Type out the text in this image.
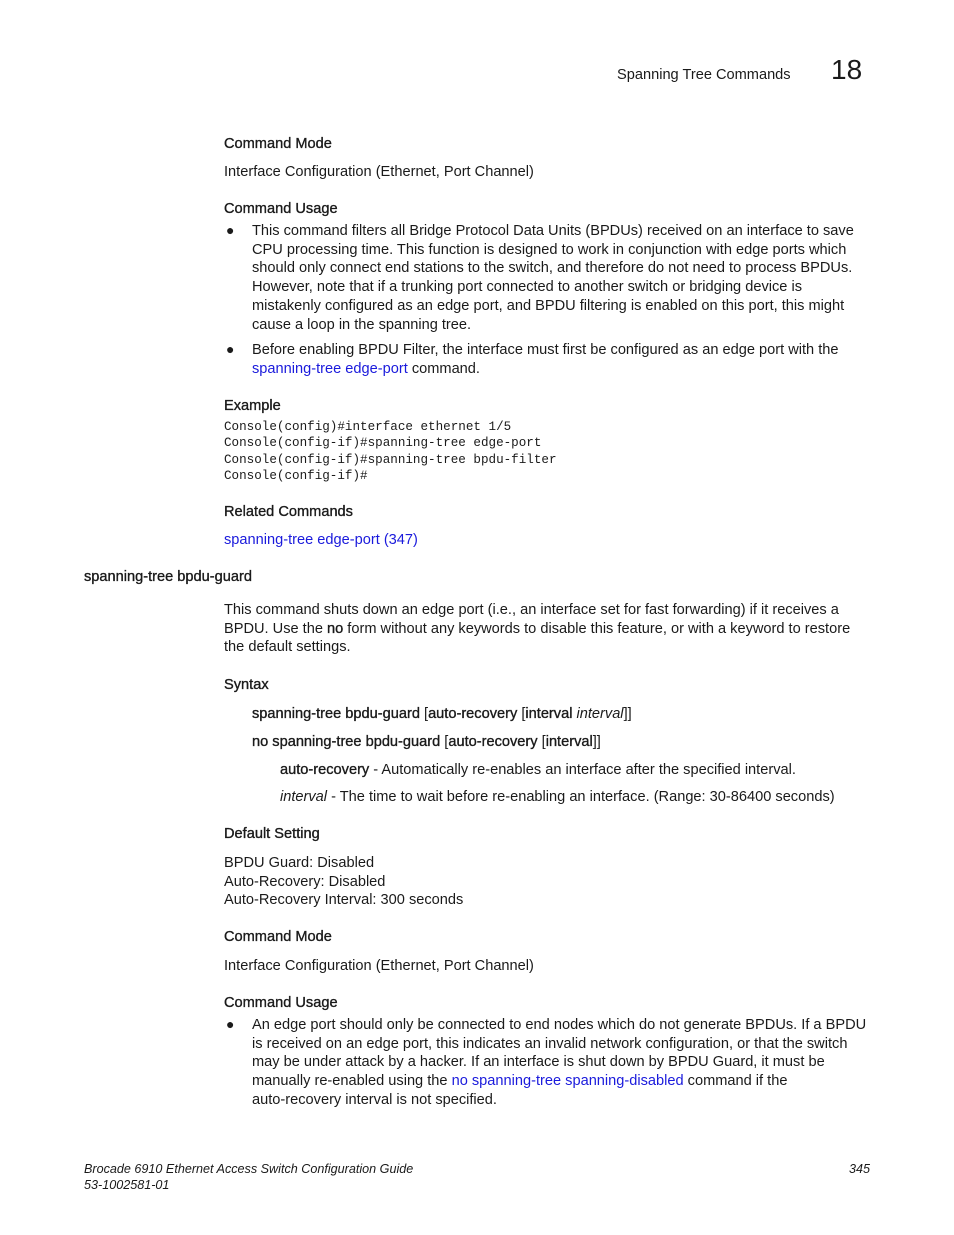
Spanning Tree Commands 18
Command Mode
Interface Configuration (Ethernet, Port Channel)
Command Usage
● This command filters all Bridge Protocol Data Units (BPDUs) received on an interface to save
CPU processing time. This function is designed to work in conjunction with edge ports which
should only connect end stations to the switch, and therefore do not need to process BPDUs.
However, note that if a trunking port connected to another switch or bridging device is
mistakenly configured as an edge port, and BPDU filtering is enabled on this port, this might
cause a loop in the spanning tree.
● Before enabling BPDU Filter, the interface must first be configured as an edge port with the
spanning-tree edge-port command.
Example
Console(config)#interface ethernet 1/5
Console(config-if)#spanning-tree edge-port
Console(config-if)#spanning-tree bpdu-filter
Console(config-if)#
Related Commands
spanning-tree edge-port (347)
spanning-tree bpdu-guard
This command shuts down an edge port (i.e., an interface set for fast forwarding) if it receives a
BPDU. Use the no form without any keywords to disable this feature, or with a keyword to restore
the default settings.
Syntax
spanning-tree bpdu-guard [auto-recovery [interval interval]]
no spanning-tree bpdu-guard [auto-recovery [interval]]
auto-recovery - Automatically re-enables an interface after the specified interval.
interval - The time to wait before re-enabling an interface. (Range: 30-86400 seconds)
Default Setting
BPDU Guard: Disabled
Auto-Recovery: Disabled
Auto-Recovery Interval: 300 seconds
Command Mode
Interface Configuration (Ethernet, Port Channel)
Command Usage
● An edge port should only be connected to end nodes which do not generate BPDUs. If a BPDU
is received on an edge port, this indicates an invalid network configuration, or that the switch
may be under attack by a hacker. If an interface is shut down by BPDU Guard, it must be
manually re-enabled using the no spanning-tree spanning-disabled command if the
auto-recovery interval is not specified.
Brocade 6910 Ethernet Access Switch Configuration Guide
53-1002581-01
345
